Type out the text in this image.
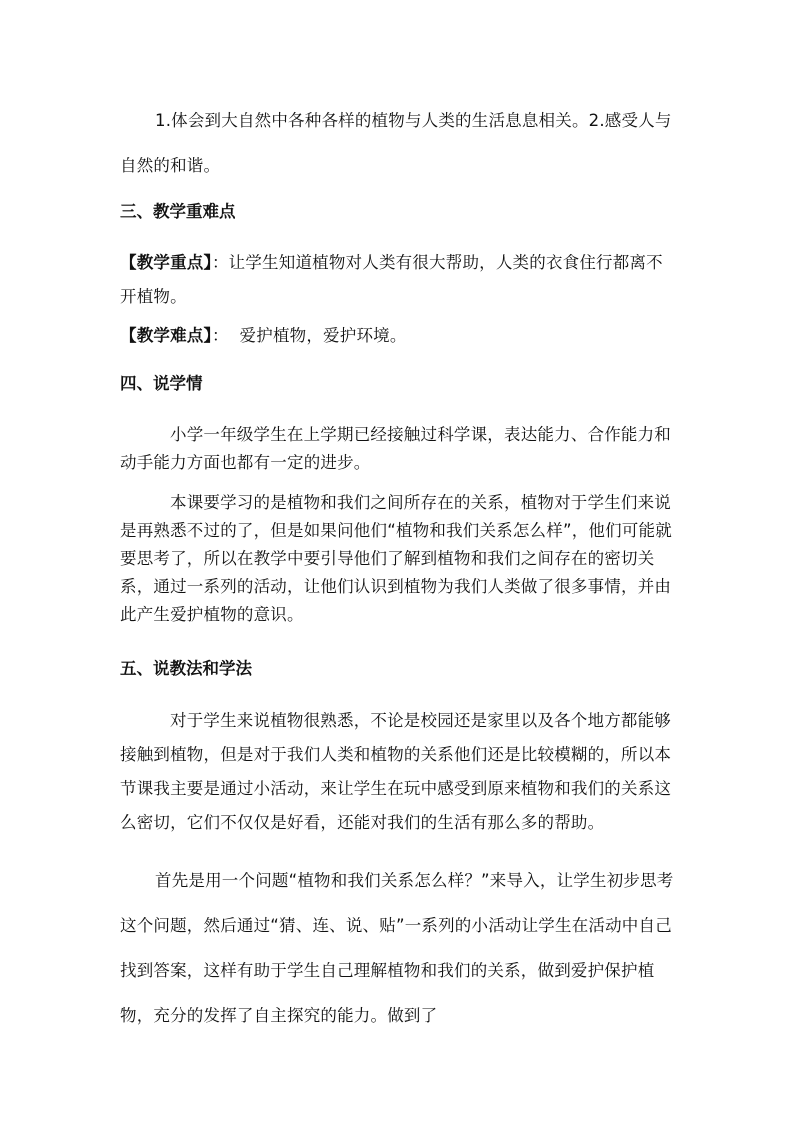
1.体会到大自然中各种各样的植物与人类的生活息息相关。2.感受人与自然的和谐。

三、教学重难点

【教学重点】：让学生知道植物对人类有很大帮助，人类的衣食住行都离不开植物。

【教学难点】：  爱护植物，爱护环境。

四、说学情

小学一年级学生在上学期已经接触过科学课，表达能力、合作能力和动手能力方面也都有一定的进步。

本课要学习的是植物和我们之间所存在的关系，植物对于学生们来说是再熟悉不过的了，但是如果问他们“植物和我们关系怎么样”，他们可能就要思考了，所以在教学中要引导他们了解到植物和我们之间存在的密切关系，通过一系列的活动，让他们认识到植物为我们人类做了很多事情，并由此产生爱护植物的意识。

五、说教法和学法

对于学生来说植物很熟悉，不论是校园还是家里以及各个地方都能够接触到植物，但是对于我们人类和植物的关系他们还是比较模糊的，所以本节课我主要是通过小活动，来让学生在玩中感受到原来植物和我们的关系这么密切，它们不仅仅是好看，还能对我们的生活有那么多的帮助。

首先是用一个问题“植物和我们关系怎么样？”来导入，让学生初步思考这个问题，然后通过“猜、连、说、贴”一系列的小活动让学生在活动中自己找到答案，这样有助于学生自己理解植物和我们的关系，做到爱护保护植物，充分的发挥了自主探究的能力。做到了
